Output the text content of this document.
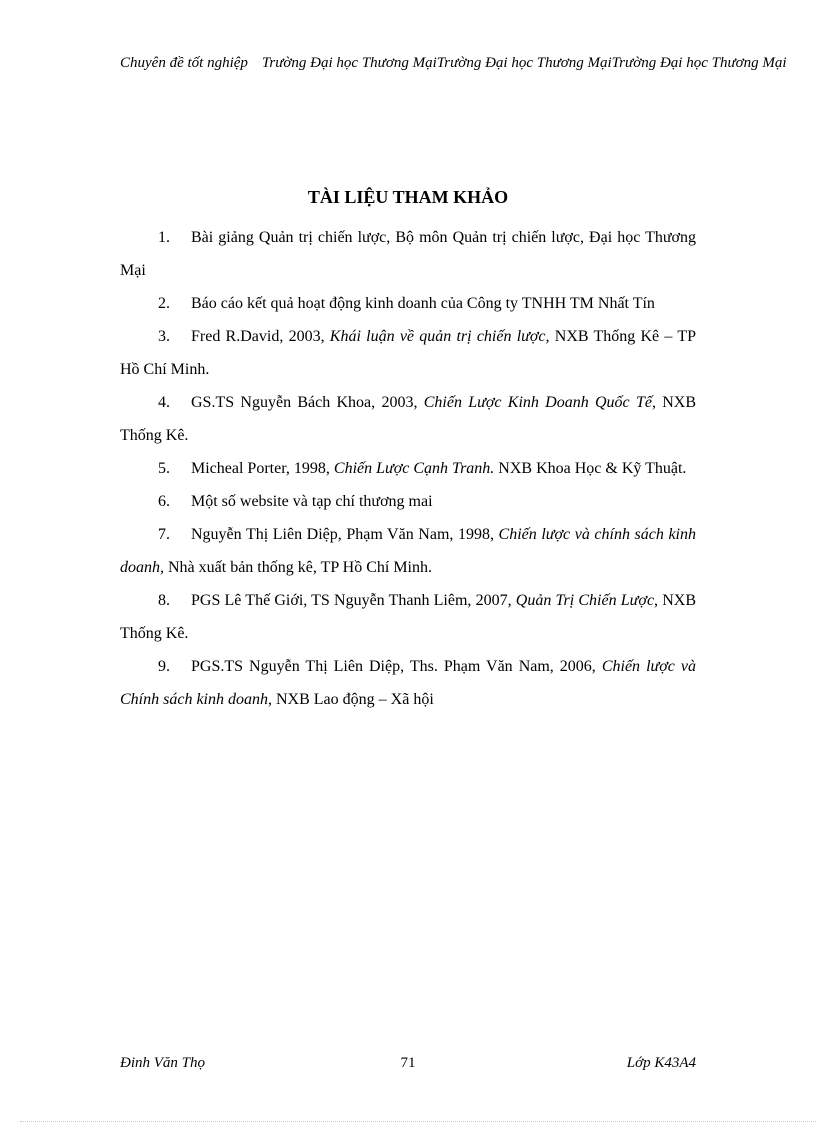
Chuyên đề tốt nghiệp Trường Đại học Thương MạiTrường Đại học Thương MạiTrường Đại học Thương Mại
TÀI LIỆU THAM KHẢO
1. Bài giảng Quản trị chiến lược, Bộ môn Quản trị chiến lược, Đại học Thương Mại
2. Báo cáo kết quả hoạt động kinh doanh của Công ty TNHH TM Nhất Tín
3. Fred R.David, 2003, Khái luận về quản trị chiến lược, NXB Thống Kê – TP Hồ Chí Minh.
4. GS.TS Nguyễn Bách Khoa, 2003, Chiến Lược Kinh Doanh Quốc Tế, NXB Thống Kê.
5. Micheal Porter, 1998, Chiến Lược Cạnh Tranh. NXB Khoa Học & Kỹ Thuật.
6. Một số website và tạp chí thương mai
7. Nguyễn Thị Liên Diệp, Phạm Văn Nam, 1998, Chiến lược và chính sách kinh doanh, Nhà xuất bản thống kê, TP Hồ Chí Minh.
8. PGS Lê Thế Giới, TS Nguyễn Thanh Liêm, 2007, Quản Trị Chiến Lược, NXB Thống Kê.
9. PGS.TS Nguyễn Thị Liên Diệp, Ths. Phạm Văn Nam, 2006, Chiến lược và Chính sách kinh doanh, NXB Lao động – Xã hội
Đinh Văn Thọ	71	Lớp K43A4
